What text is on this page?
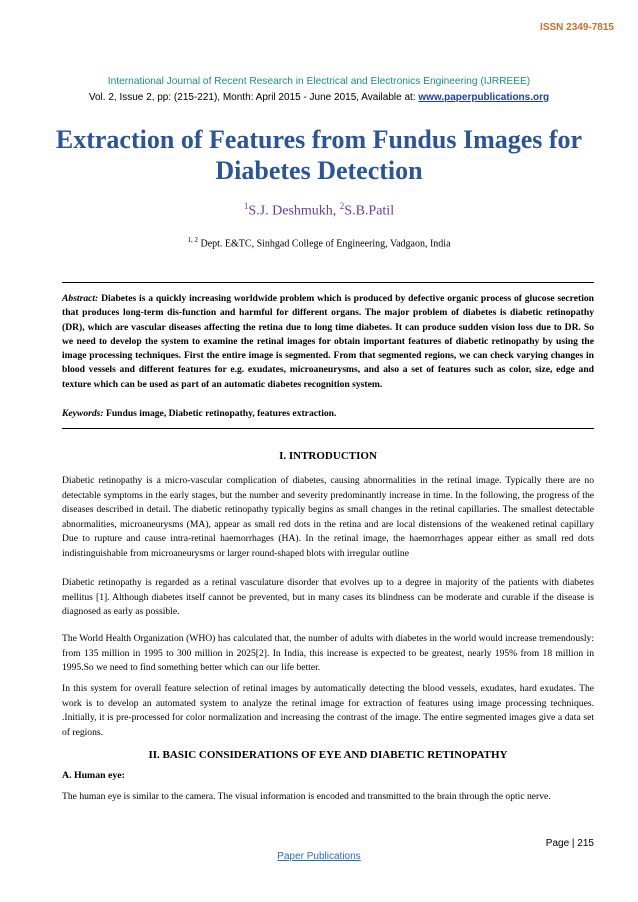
ISSN 2349-7815
International Journal of Recent Research in Electrical and Electronics Engineering (IJRREEE)
Vol. 2, Issue 2, pp: (215-221), Month: April 2015 - June 2015, Available at: www.paperpublications.org
Extraction of Features from Fundus Images for Diabetes Detection
$^1$S.J. Deshmukh, $^2$S.B.Patil
$^{1, 2}$ Dept. E&TC, Sinhgad College of Engineering, Vadgaon, India
Abstract: Diabetes is a quickly increasing worldwide problem which is produced by defective organic process of glucose secretion that produces long-term dis-function and harmful for different organs. The major problem of diabetes is diabetic retinopathy (DR), which are vascular diseases affecting the retina due to long time diabetes. It can produce sudden vision loss due to DR. So we need to develop the system to examine the retinal images for obtain important features of diabetic retinopathy by using the image processing techniques. First the entire image is segmented. From that segmented regions, we can check varying changes in blood vessels and different features for e.g. exudates, microaneurysms, and also a set of features such as color, size, edge and texture which can be used as part of an automatic diabetes recognition system.
Keywords: Fundus image, Diabetic retinopathy, features extraction.
I. INTRODUCTION

Diabetic retinopathy is a micro-vascular complication of diabetes, causing abnormalities in the retinal image. Typically there are no detectable symptoms in the early stages, but the number and severity predominantly increase in time. In the following, the progress of the diseases described in detail. The diabetic retinopathy typically begins as small changes in the retinal capillaries. The smallest detectable abnormalities, microaneurysms (MA), appear as small red dots in the retina and are local distensions of the weakened retinal capillary Due to rupture and cause intra-retinal haemorrhages (HA). In the retinal image, the haemorrhages appear either as small red dots indistinguishable from microaneurysms or larger round-shaped blots with irregular outline

Diabetic retinopathy is regarded as a retinal vasculature disorder that evolves up to a degree in majority of the patients with diabetes mellitus [1]. Although diabetes itself cannot be prevented, but in many cases its blindness can be moderate and curable if the disease is diagnosed as early as possible.

The World Health Organization (WHO) has calculated that, the number of adults with diabetes in the world would increase tremendously: from 135 million in 1995 to 300 million in 2025[2]. In India, this increase is expected to be greatest, nearly 195% from 18 million in 1995.So we need to find something better which can our life better.

In this system for overall feature selection of retinal images by automatically detecting the blood vessels, exudates, hard exudates. The work is to develop an automated system to analyze the retinal image for extraction of features using image processing techniques. .Initially, it is pre-processed for color normalization and increasing the contrast of the image. The entire segmented images give a data set of regions.

II. BASIC CONSIDERATIONS OF EYE AND DIABETIC RETINOPATHY
A. Human eye:

The human eye is similar to the camera. The visual information is encoded and transmitted to the brain through the optic nerve.

Page | 215
Paper Publications
